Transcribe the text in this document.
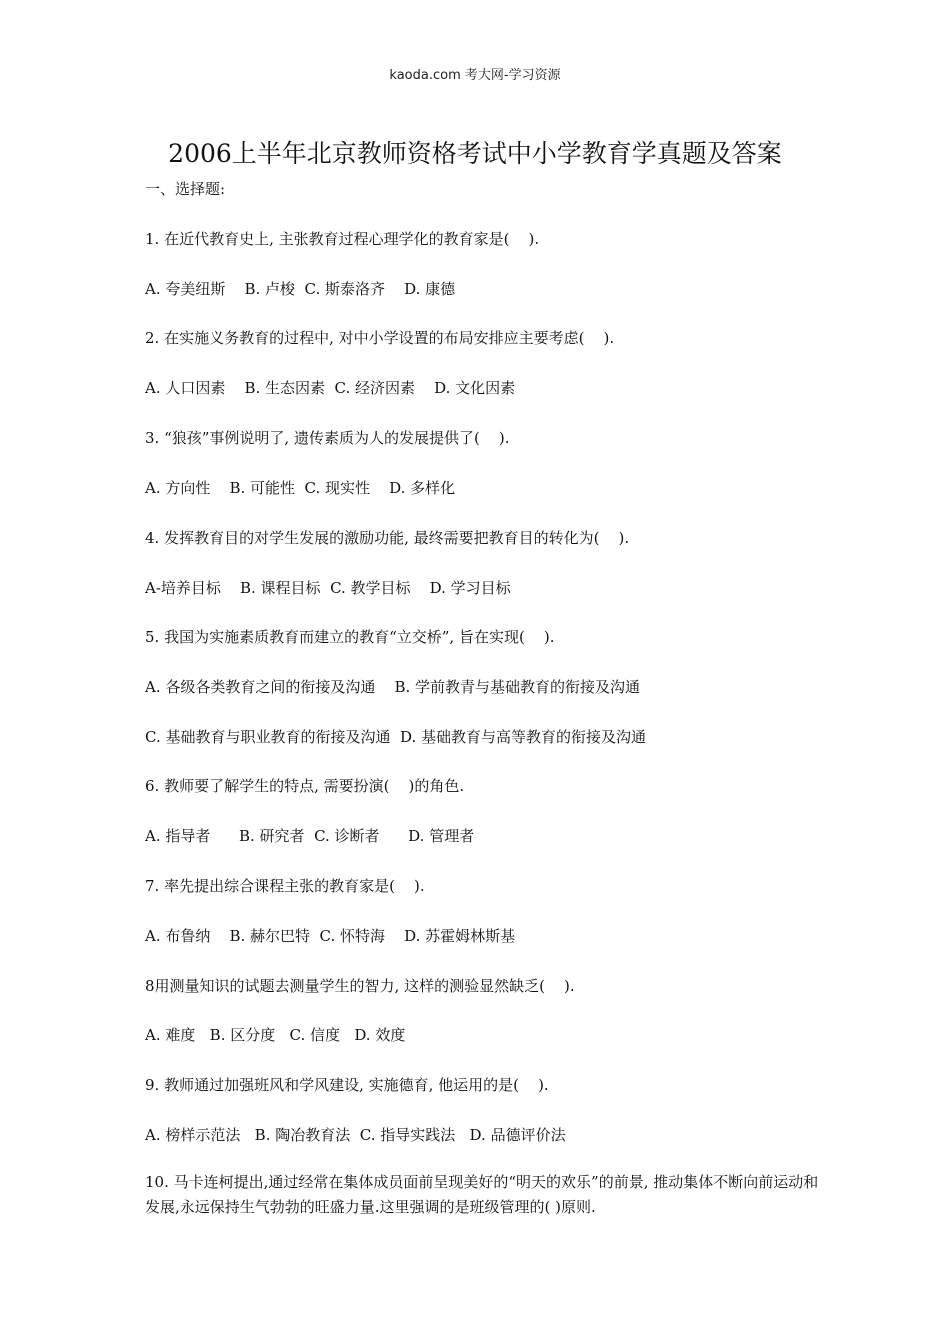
kaoda.com 考大网-学习资源
2006上半年北京教师资格考试中小学教育学真题及答案
一、选择题:
1. 在近代教育史上, 主张教育过程心理学化的教育家是(    ).
A. 夸美纽斯    B. 卢梭  C. 斯泰洛齐    D. 康德
2. 在实施义务教育的过程中, 对中小学设置的布局安排应主要考虑(    ).
A. 人口因素    B. 生态因素  C. 经济因素    D. 文化因素
3. “狼孩”事例说明了, 遗传素质为人的发展提供了(    ).
A. 方向性    B. 可能性  C. 现实性    D. 多样化
4. 发挥教育目的对学生发展的激励功能, 最终需要把教育目的转化为(    ).
A-培养目标    B. 课程目标  C. 教学目标    D. 学习目标
5. 我国为实施素质教育而建立的教育“立交桥”, 旨在实现(    ).
A. 各级各类教育之间的衔接及沟通    B. 学前教青与基础教育的衔接及沟通
C. 基础教育与职业教育的衔接及沟通  D. 基础教育与高等教育的衔接及沟通
6. 教师要了解学生的特点, 需要扮演(    )的角色.
A. 指导者      B. 研究者  C. 诊断者      D. 管理者
7. 率先提出综合课程主张的教育家是(    ).
A. 布鲁纳    B. 赫尔巴特  C. 怀特海    D. 苏霍姆林斯基
8用测量知识的试题去测量学生的智力, 这样的测验显然缺乏(    ).
A. 难度   B. 区分度   C. 信度   D. 效度
9. 教师通过加强班风和学风建设, 实施德育, 他运用的是(    ).
A. 榜样示范法   B. 陶冶教育法  C. 指导实践法   D. 品德评价法
10. 马卡连柯提出,通过经常在集体成员面前呈现美好的“明天的欢乐”的前景, 推动集体不断向前运动和发展,永远保持生气勃勃的旺盛力量.这里强调的是班级管理的( )原则.
